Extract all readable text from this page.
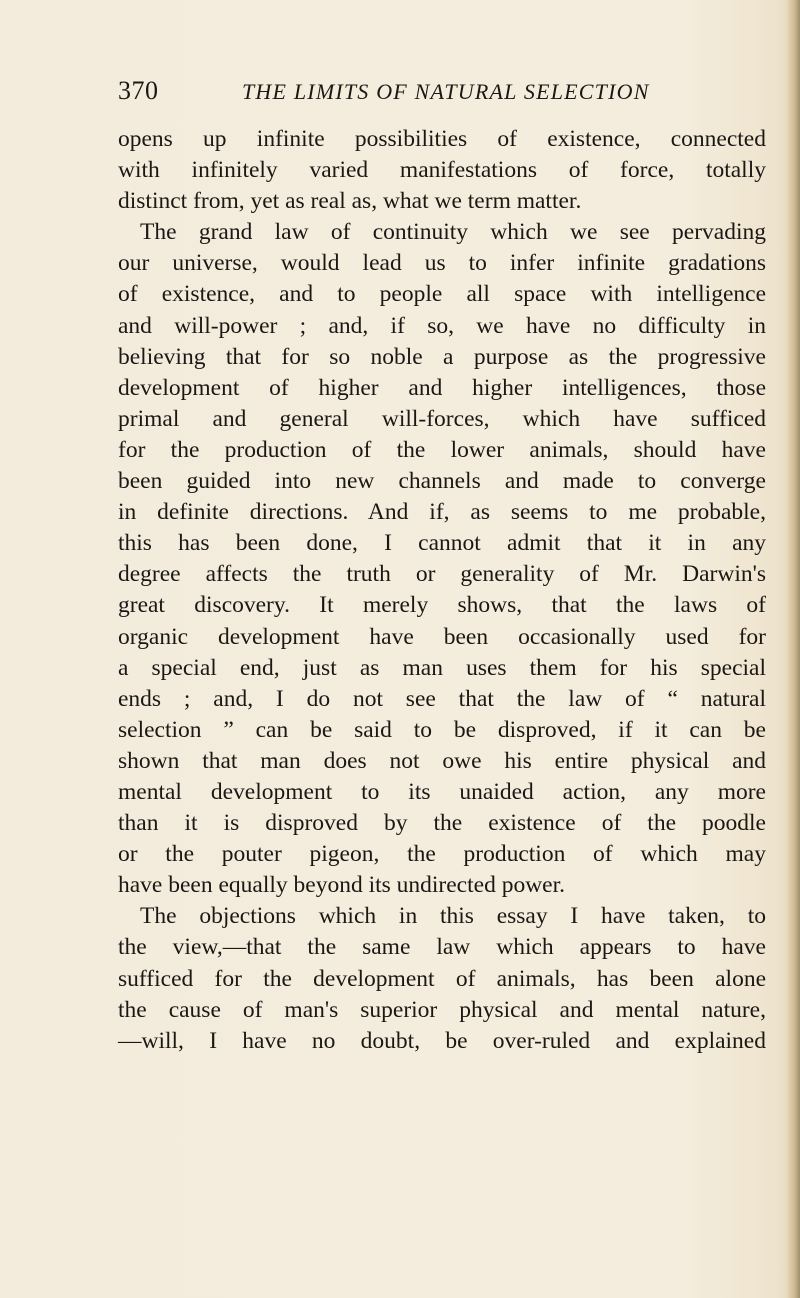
370	THE LIMITS OF NATURAL SELECTION
opens up infinite possibilities of existence, connected
with infinitely varied manifestations of force, totally
distinct from, yet as real as, what we term matter.
The grand law of continuity which we see pervading
our universe, would lead us to infer infinite gradations
of existence, and to people all space with intelligence
and will-power ; and, if so, we have no difficulty in
believing that for so noble a purpose as the progressive
development of higher and higher intelligences, those
primal and general will-forces, which have sufficed
for the production of the lower animals, should have
been guided into new channels and made to converge
in definite directions. And if, as seems to me probable,
this has been done, I cannot admit that it in any
degree affects the truth or generality of Mr. Darwin's
great discovery. It merely shows, that the laws of
organic development have been occasionally used for
a special end, just as man uses them for his special
ends ; and, I do not see that the law of “ natural
selection ” can be said to be disproved, if it can be
shown that man does not owe his entire physical and
mental development to its unaided action, any more
than it is disproved by the existence of the poodle
or the pouter pigeon, the production of which may
have been equally beyond its undirected power.
The objections which in this essay I have taken, to
the view,—that the same law which appears to have
sufficed for the development of animals, has been alone
the cause of man's superior physical and mental nature,
—will, I have no doubt, be over-ruled and explained
